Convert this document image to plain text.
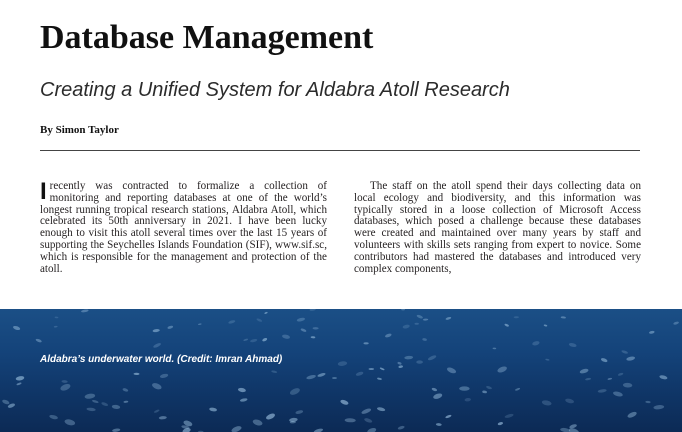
Database Management
Creating a Unified System for Aldabra Atoll Research

By Simon Taylor

Irecently was contracted to formalize a collection of monitoring and reporting databases at one of the world’s longest running tropical research stations, Aldabra Atoll, which celebrated its 50th anniversary in 2021. I have been lucky enough to visit this atoll several times over the last 15 years of supporting the Seychelles Islands Foundation (SIF), www.sif.sc, which is responsible for the management and protection of the atoll.

The staff on the atoll spend their days collecting data on local ecology and biodiversity, and this information was typically stored in a loose collection of Microsoft Access databases, which posed a challenge because these databases were created and maintained over many years by staff and volunteers with skills sets ranging from expert to novice. Some contributors had mastered the databases and introduced very complex components,

Aldabra’s underwater world. (Credit: Imran Ahmad)
